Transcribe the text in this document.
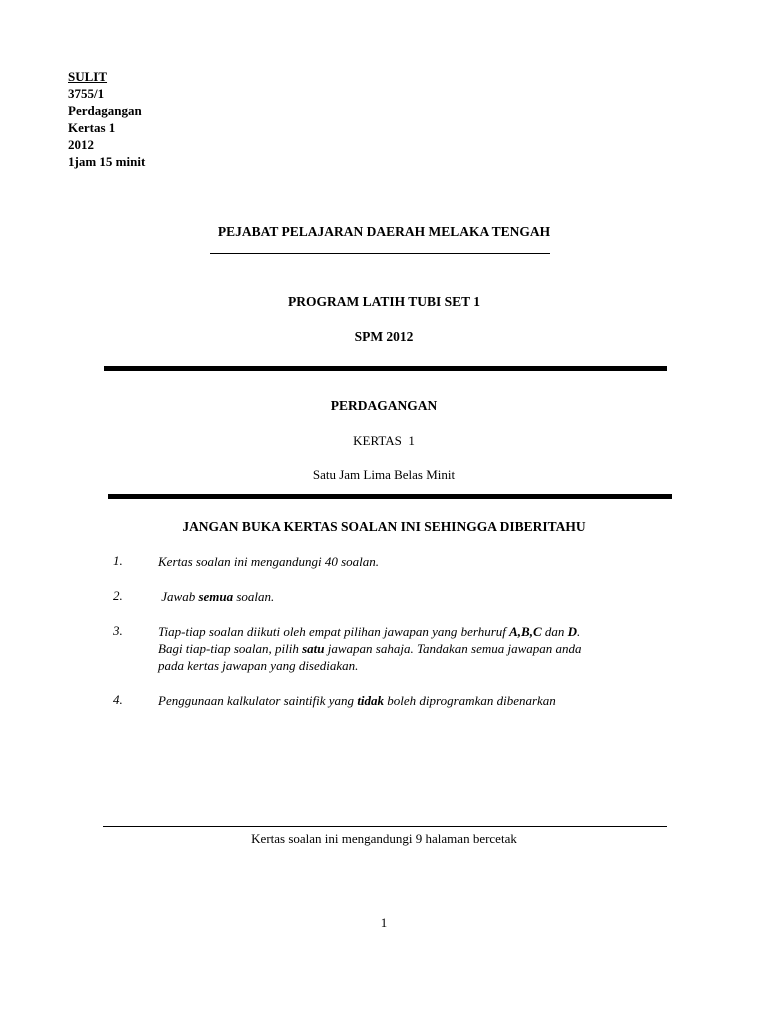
SULIT
3755/1
Perdagangan
Kertas 1
2012
1jam 15 minit
PEJABAT PELAJARAN DAERAH MELAKA TENGAH
PROGRAM LATIH TUBI SET 1
SPM 2012
PERDAGANGAN
KERTAS  1
Satu Jam Lima Belas Minit
JANGAN BUKA KERTAS SOALAN INI SEHINGGA DIBERITAHU
1.	Kertas soalan ini mengandungi 40 soalan.
2.	Jawab semua soalan.
3.	Tiap-tiap soalan diikuti oleh empat pilihan jawapan yang berhuruf A,B,C dan D.
Bagi tiap-tiap soalan, pilih satu jawapan sahaja. Tandakan semua jawapan anda
pada kertas jawapan yang disediakan.
4.	Penggunaan kalkulator saintifik yang tidak boleh diprogramkan dibenarkan
Kertas soalan ini mengandungi 9 halaman bercetak
1
